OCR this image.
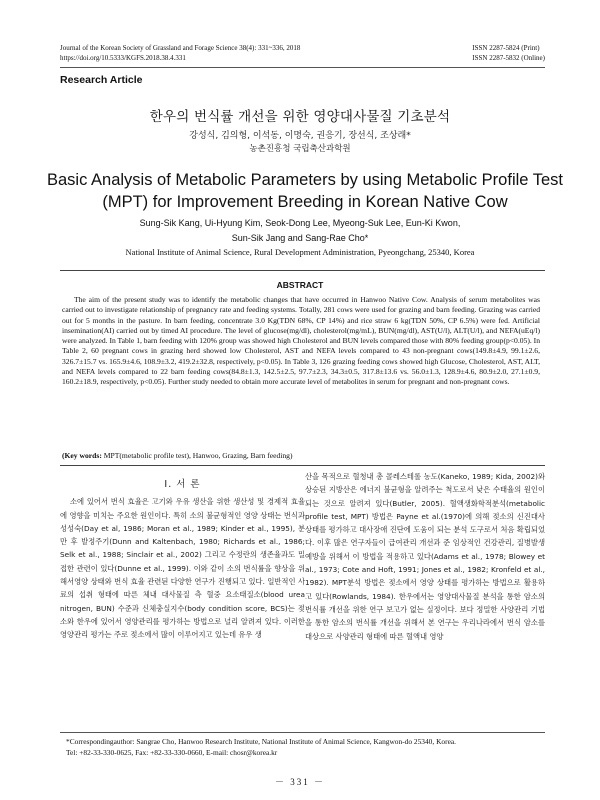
Journal of the Korean Society of Grassland and Forage Science 38(4): 331~336, 2018
https://doi.org/10.5333/KGFS.2018.38.4.331
ISSN 2287-5824 (Print)
ISSN 2287-5832 (Online)
Research Article
한우의 번식률 개선을 위한 영양대사물질 기초분석
강성식, 김의형, 이석동, 이명숙, 권응기, 장선식, 조상래*
농촌진흥청 국립축산과학원
Basic Analysis of Metabolic Parameters by using Metabolic Profile Test
(MPT) for Improvement Breeding in Korean Native Cow
Sung-Sik Kang, Ui-Hyung Kim, Seok-Dong Lee, Myeong-Suk Lee, Eun-Ki Kwon,
Sun-Sik Jang and Sang-Rae Cho*
National Institute of Animal Science, Rural Development Administration, Pyeongchang, 25340, Korea
ABSTRACT
The aim of the present study was to identify the metabolic changes that have occurred in Hanwoo Native Cow. Analysis of serum metabolites was carried out to investigate relationship of pregnancy rate and feeding systems. Totally, 281 cows were used for grazing and barn feeding. Grazing was carried out for 5 months in the pasture. In barn feeding, concentrate 3.0 Kg(TDN 68%, CP 14%) and rice straw 6 kg(TDN 50%, CP 6.5%) were fed. Artificial insemination(AI) carried out by timed AI procedure. The level of glucose(mg/dl), cholesterol(mg/mL), BUN(mg/dl), AST(U/l), ALT(U/l), and NEFA(uEq/l) were analyzed. In Table 1, barn feeding with 120% group was showed high Cholesterol and BUN levels compared those with 80% feeding group(p<0.05). In Table 2, 60 pregnant cows in grazing herd showed low Cholesterol, AST and NEFA levels compared to 43 non-pregnant cows(149.8±4.9, 99.1±2.6, 326.7±15.7 vs. 165.9±4.6, 108.9±3.2, 419.2±32.8, respectively, p<0.05). In Table 3, 126 grazing feeding cows showed high Glucose, Cholesterol, AST, ALT, and NEFA levels compared to 22 barn feeding cows(84.8±1.3, 142.5±2.5, 97.7±2.3, 34.3±0.5, 317.8±13.6 vs. 56.0±1.3, 128.9±4.6, 80.9±2.0, 27.1±0.9, 160.2±18.9, respectively, p<0.05). Further study needed to obtain more accurate level of metabolites in serum for pregnant and non-pregnant cows.
(Key words: MPT(metabolic profile test), Hanwoo, Grazing, Barn feeding)
I. 서 론

소에 있어서 번식 효율은 고기와 우유 생산을 위한 생산성 및 경제적 효율에 영향을 미치는 주요한 원인이다. 특히 소의 불균형적인 영양 상태는 번식과 성성숙(Day et al, 1986; Moran et al., 1989; Kinder et al., 1995), 분만 후 발정주기(Dunn and Kaltenbach, 1980; Richards et al., 1986; Selk et al., 1988; Sinclair et al., 2002) 그리고 수정란의 생존율과도 밀접한 관련이 있다(Dunne et al., 1999). 이와 같이 소의 번식률을 향상을 위해서영양 상태와 번식 효율 관련된 다양한 연구가 진행되고 있다. 일반적인 사료의 섭취 형태에 따른 체내 대사물질 측 혈중 요소태질소(blood urea nitrogen, BUN) 수준과 신체충실지수(body condition score, BCS)는 젖소와 한우에 있어서 영양관리를 평가하는 방법으로 널리 알려져 있다. 이러한 영양관리 평가는 주로 젖소에서 많이 이루어지고 있는데 유우 생

산을 목적으로 혈청내 총 콜레스테롤 농도(Kaneko, 1989; Kida, 2002)와 상승된 지방산은 에너지 불균형을 알려주는 척도로서 낮은 수태율의 원인이 되는 것으로 알려져 있다(Butler, 2005). 혈액생화학적분석(metabolic profile test, MPT) 방법은 Payne et al.(1970)에 의해 젖소의 신진대사 상태를 평가하고 대사장애 진단에 도움이 되는 분석 도구로서 처음 확립되었다. 이후 많은 연구자들이 급여관리 개선과 준 임상적인 건강관리, 질병발생 예방을 위해서 이 방법을 적용하고 있다(Adams et al., 1978; Blowey et al., 1973; Cote and Hoft, 1991; Jones et al., 1982; Kronfeld et al., 1982). MPT분석 방법은 젖소에서 영양 상태를 평가하는 방법으로 활용하고 있다(Rowlands, 1984). 한우에서는 영양대사물질 분석을 통한 암소의 번식률 개선을 위한 연구 보고가 없는 실정이다. 보다 정밀한 사양관리 기법을 통한 암소의 번식률 개선을 위해서 본 연구는 우리나라에서 번식 암소를 대상으로 사양관리 형태에 따른 혈액내 영양

*Correspondingauthor: Sangrae Cho, Hanwoo Research Institute, National Institute of Animal Science, Kangwon-do 25340, Korea.
Tel: +82-33-330-0625, Fax: +82-33-330-0660, E-mail: chosr@korea.kr
－ 331 －
